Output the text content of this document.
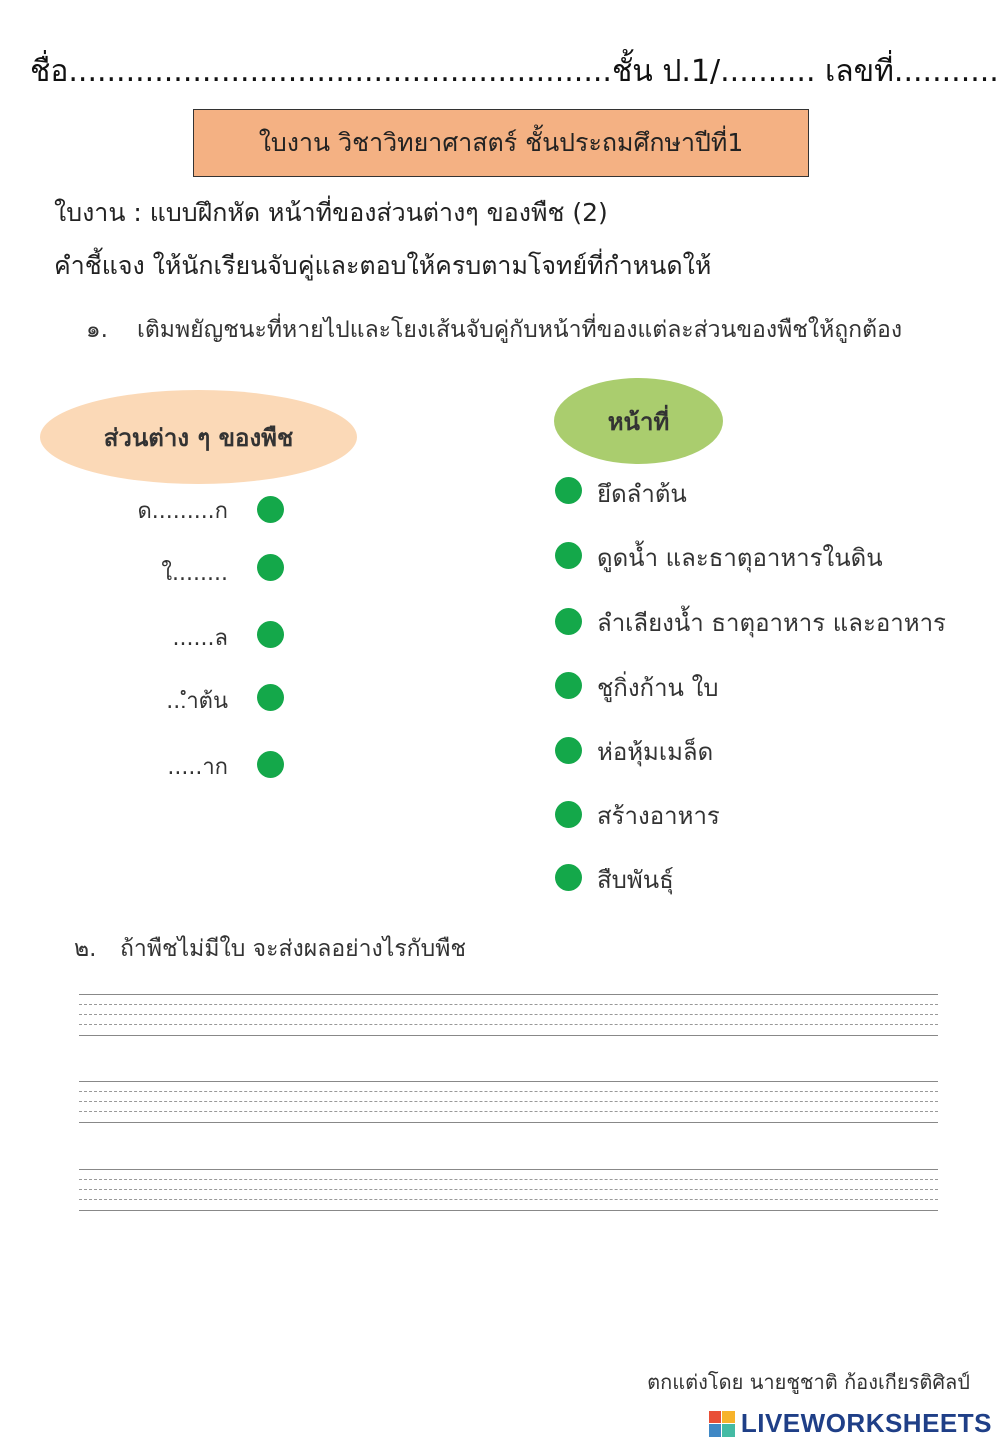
ชื่อ.........................................................ชั้น ป.1/.......... เลขที่...........
ใบงาน วิชาวิทยาศาสตร์ ชั้นประถมศึกษาปีที่1
ใบงาน : แบบฝึกหัด หน้าที่ของส่วนต่างๆ ของพืช (2)
คำชี้แจง ให้นักเรียนจับคู่และตอบให้ครบตามโจทย์ที่กำหนดให้
๑. เติมพยัญชนะที่หายไปและโยงเส้นจับคู่กับหน้าที่ของแต่ละส่วนของพืชให้ถูกต้อง
ส่วนต่าง ๆ ของพืช
หน้าที่
ด.........ก
ใ........
......ล
...ำต้น
.....าก
ยึดลำต้น
ดูดน้ำ และธาตุอาหารในดิน
ลำเลียงน้ำ ธาตุอาหาร และอาหาร
ชูกิ่งก้าน ใบ
ห่อหุ้มเมล็ด
สร้างอาหาร
สืบพันธุ์
๒. ถ้าพืชไม่มีใบ จะส่งผลอย่างไรกับพืช
ตกแต่งโดย นายชูชาติ ก้องเกียรติศิลป์
LIVEWORKSHEETS
